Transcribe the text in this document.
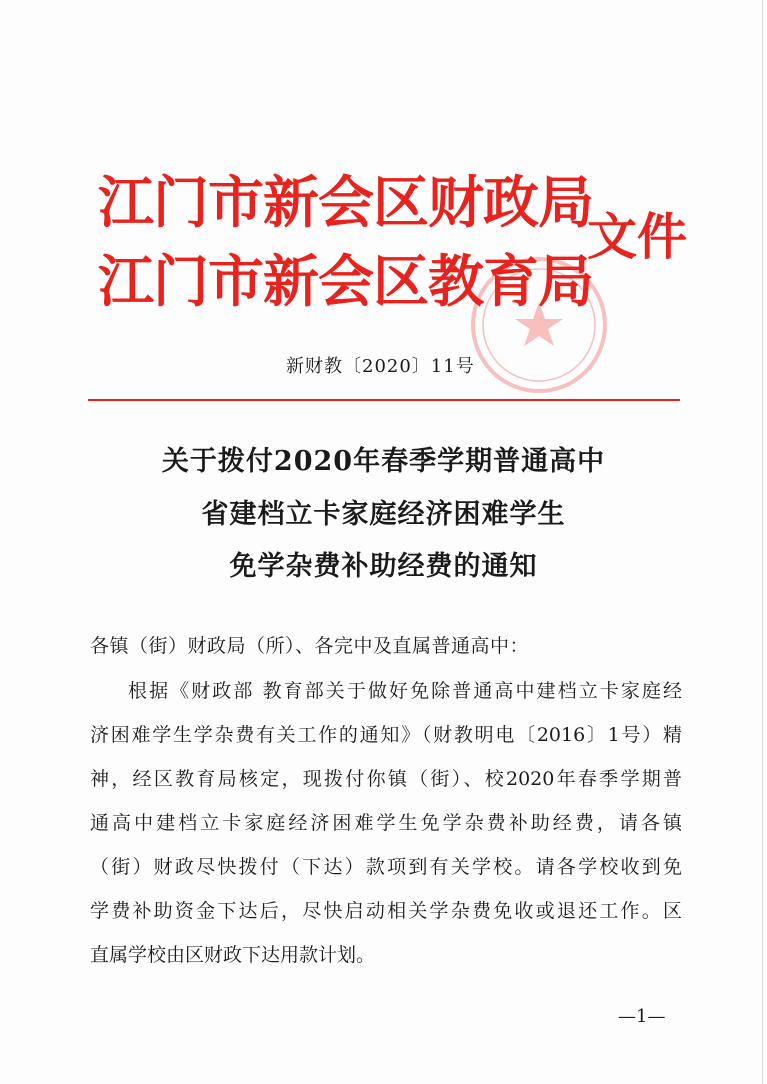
江门市新会区财政局
江门市新会区教育局
文件
新财教〔2020〕11号
关于拨付2020年春季学期普通高中
省建档立卡家庭经济困难学生
免学杂费补助经费的通知
各镇（街）财政局（所）、各完中及直属普通高中：
根据《财政部 教育部关于做好免除普通高中建档立卡家庭经
济困难学生学杂费有关工作的通知》（财教明电〔2016〕1号）精
神，经区教育局核定，现拨付你镇（街）、校2020年春季学期普
通高中建档立卡家庭经济困难学生免学杂费补助经费，请各镇
（街）财政尽快拨付（下达）款项到有关学校。请各学校收到免
学费补助资金下达后，尽快启动相关学杂费免收或退还工作。区
直属学校由区财政下达用款计划。
—1—
